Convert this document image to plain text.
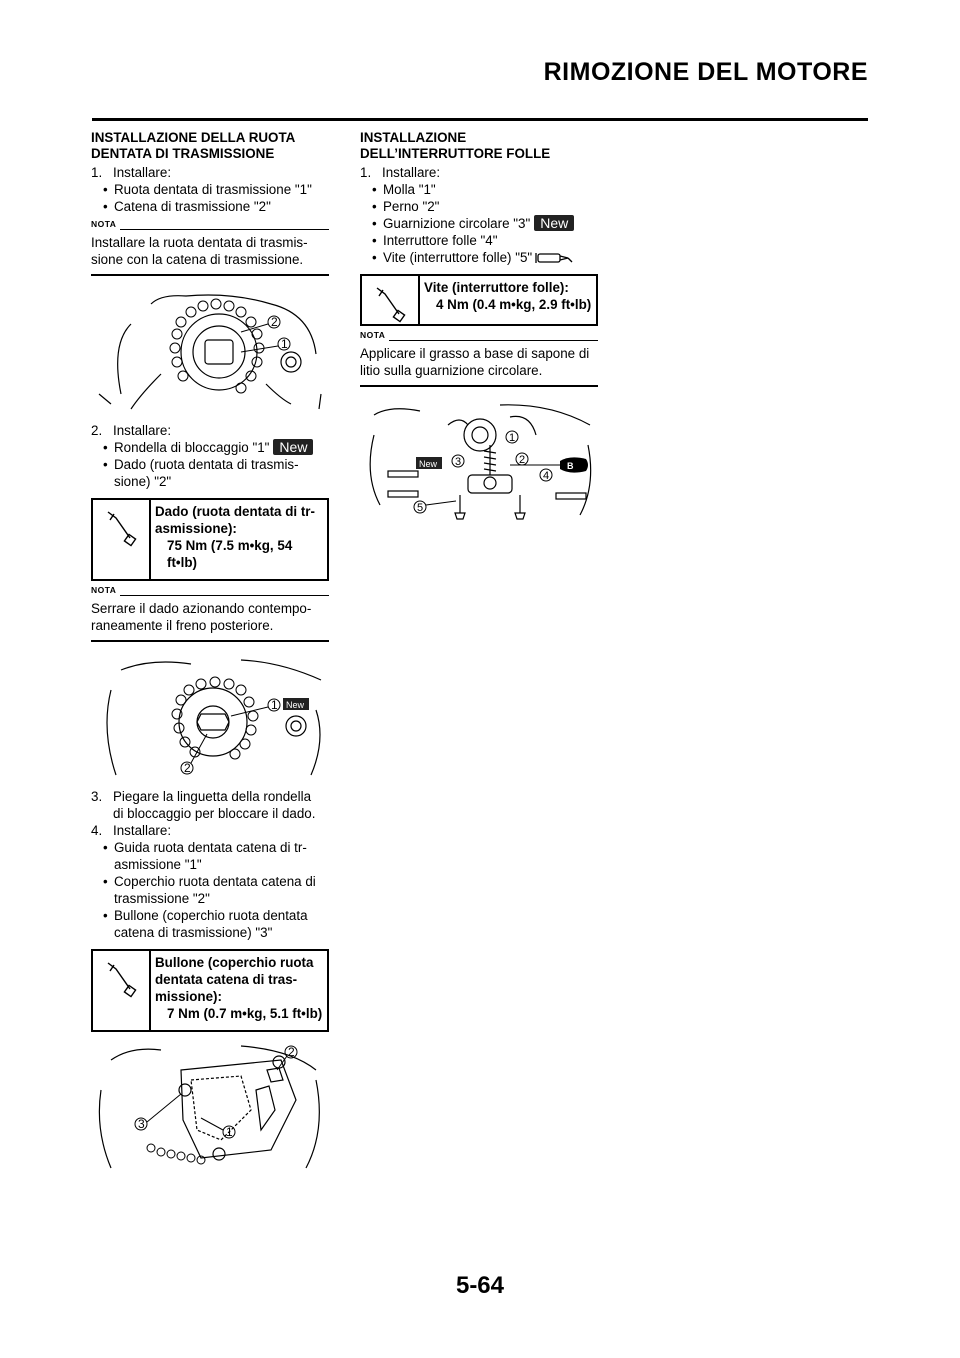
RIMOZIONE DEL MOTORE
INSTALLAZIONE DELLA RUOTA DENTATA DI TRASMISSIONE

1. Installare:

• Ruota dentata di trasmissione "1"

• Catena di trasmissione "2"

NOTA

Installare la ruota dentata di trasmis-sione con la catena di trasmissione.

2
1

2. Installare:

• Rondella di bloccaggio "1" New

• Dado (ruota dentata di trasmis-sione) "2"

Dado (ruota dentata di tr-asmissione):
75 Nm (7.5 m•kg, 54 ft•lb)
NOTA

Serrare il dado azionando contempo-raneamente il freno posteriore.

1 New
2

3. Piegare la linguetta della rondella

di bloccaggio per bloccare il dado.

4. Installare:

• Guida ruota dentata catena di tr-asmissione "1"

• Coperchio ruota dentata catena di trasmissione "2"

• Bullone (coperchio ruota dentata catena di trasmissione) "3"

Bullone (coperchio ruota dentata catena di tras-missione):
7 Nm (0.7 m•kg, 5.1 ft•lb)
2
3
1
INSTALLAZIONE DELL’INTERRUTTORE FOLLE

1. Installare:

• Molla "1"

• Perno "2"

• Guarnizione circolare "3" New

• Interruttore folle "4"

• Vite (interruttore folle) "5"

Vite (interruttore folle):
4 Nm (0.4 m•kg, 2.9 ft•lb)
NOTA

Applicare il grasso a base di sapone di litio sulla guarnizione circolare.

New 3
1
2
4
5
B
5-64
